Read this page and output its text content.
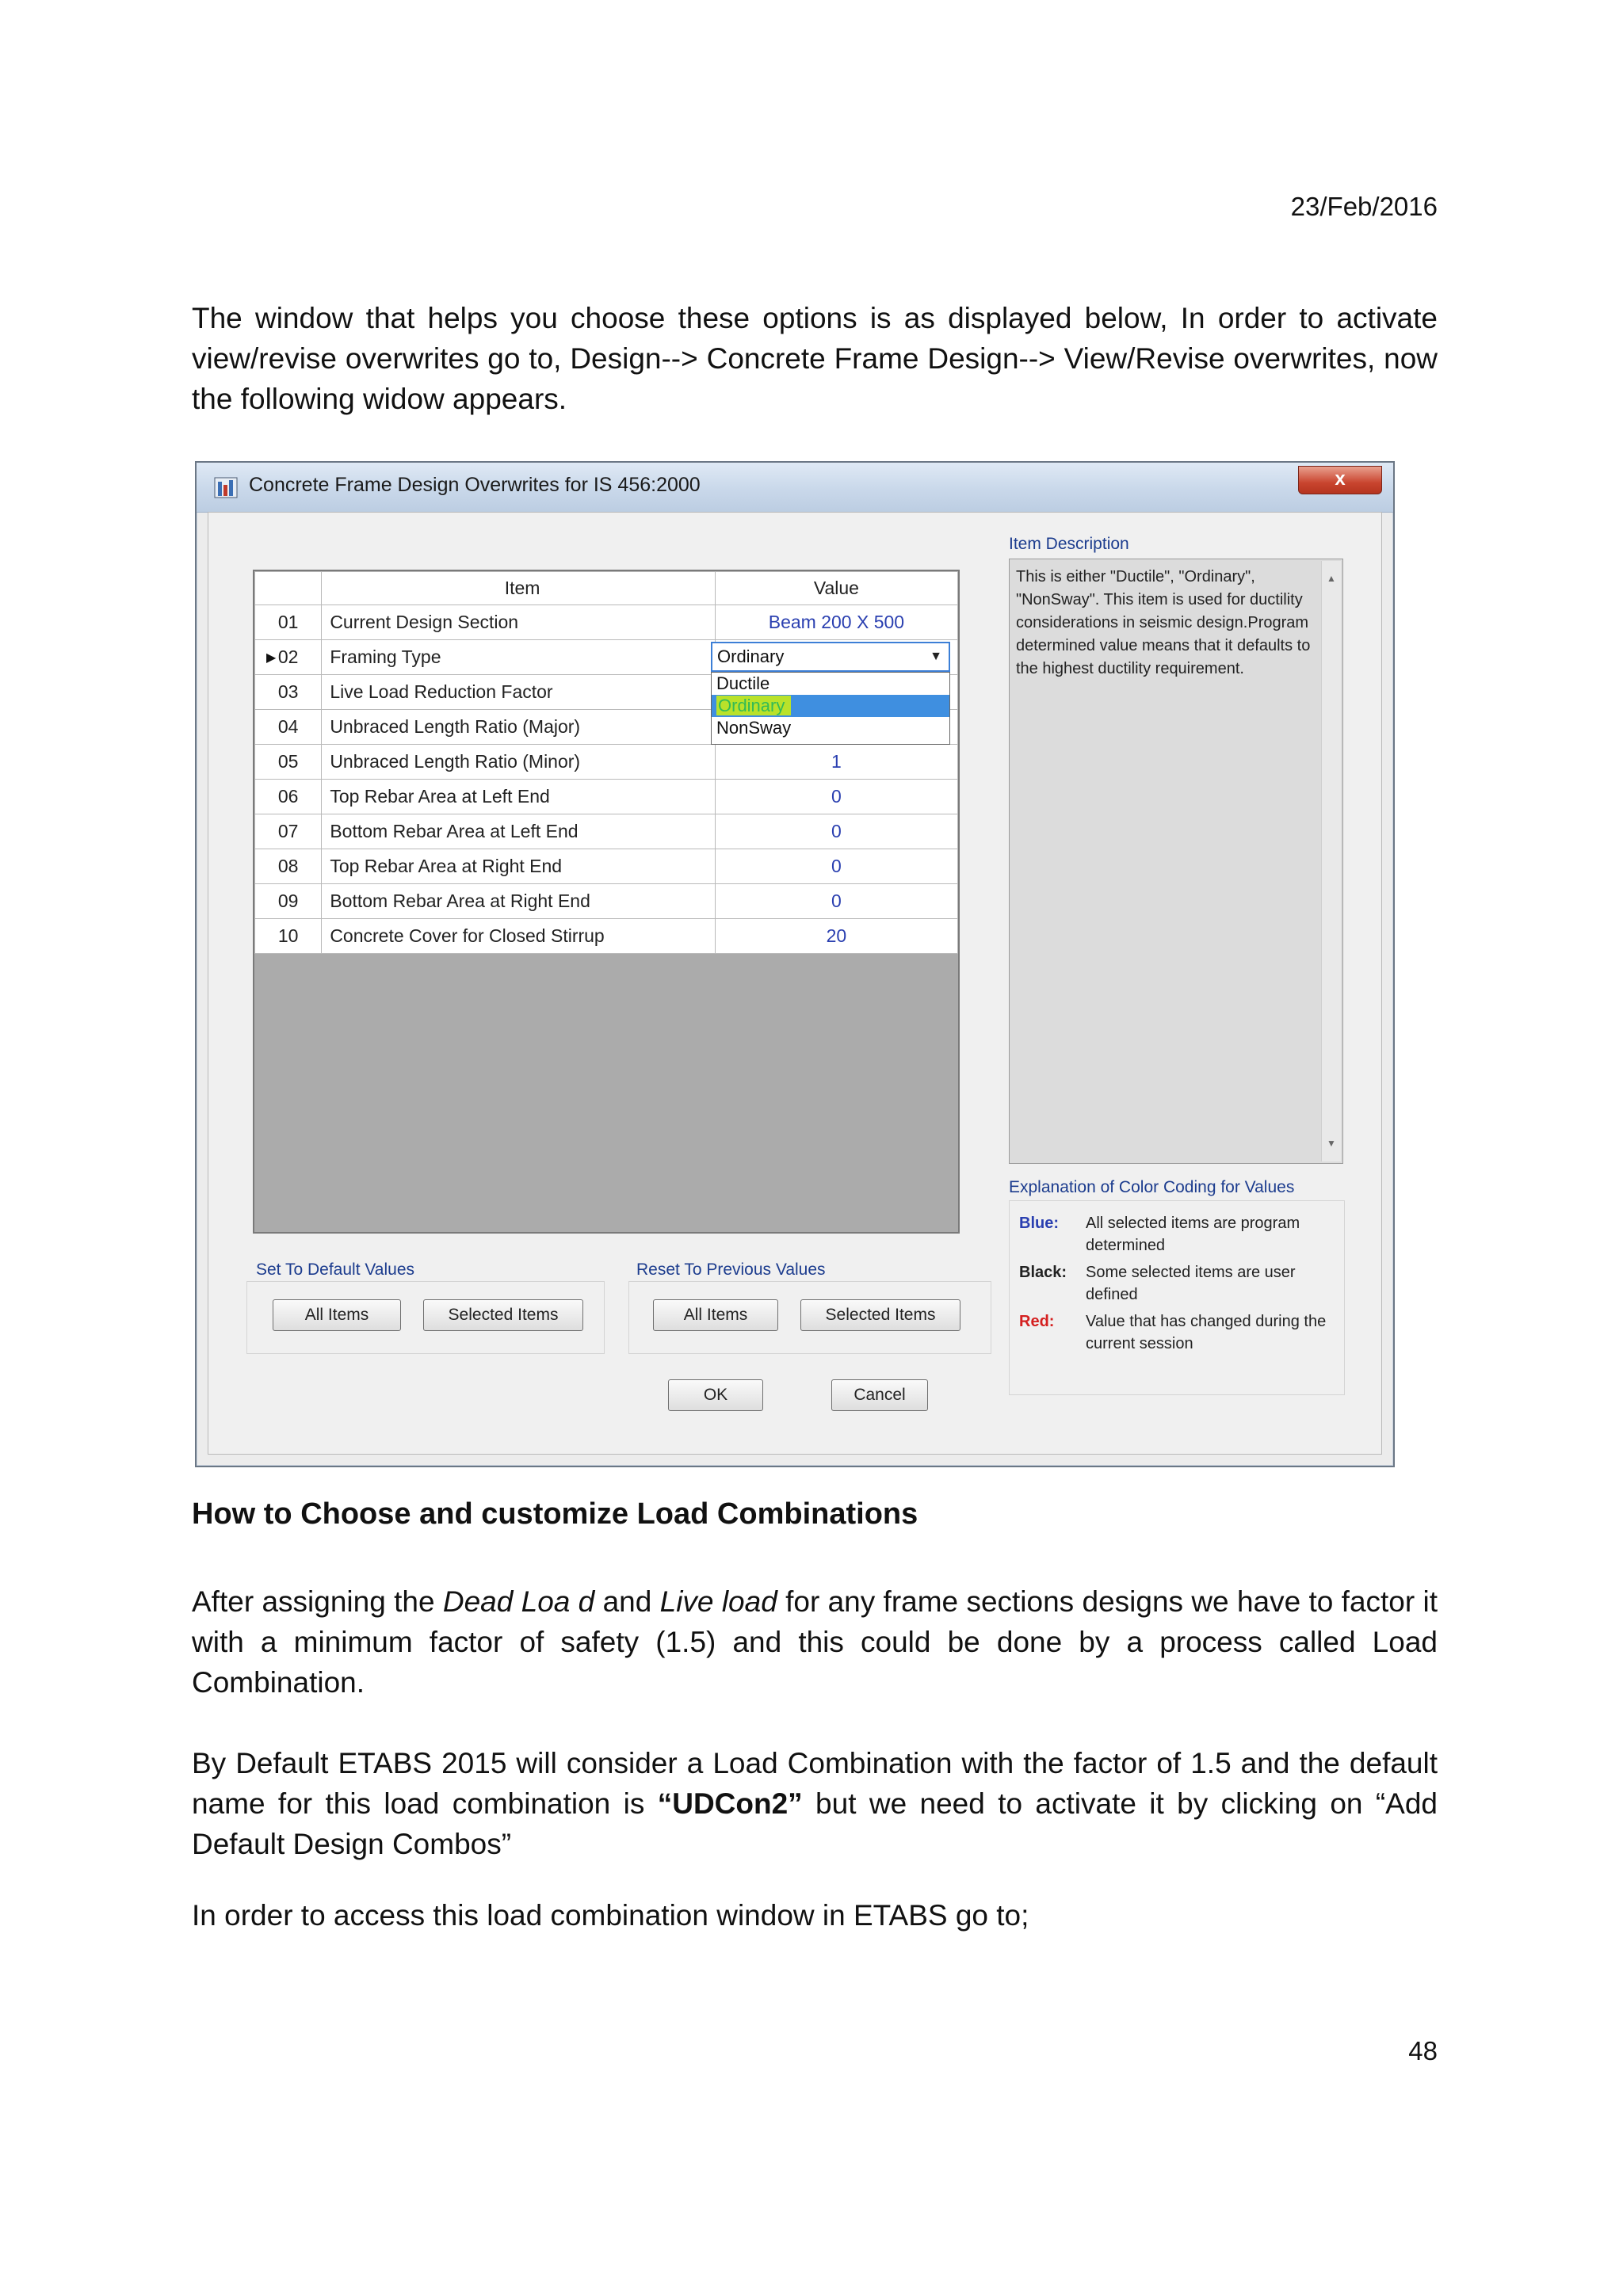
23/Feb/2016
The window that helps you choose these options is as displayed below, In order to activate view/revise overwrites go to, Design--> Concrete Frame Design--> View/Revise overwrites, now the following widow appears.
Concrete Frame Design Overwrites for IS 456:2000	x
	Item	Value
01	Current Design Section	Beam 200 X 500

▶ 02	Framing Type	
03	Live Load Reduction Factor	
04	Unbraced Length Ratio (Major)	
05	Unbraced Length Ratio (Minor)	1
06	Top Rebar Area at Left End	0
07	Bottom Rebar Area at Left End	0
08	Top Rebar Area at Right End	0
09	Bottom Rebar Area at Right End	0
10	Concrete Cover for Closed Stirrup	20
Ordinary	▼
Ductile
Ordinary
NonSway
Item Description
This is either "Ductile", "Ordinary", "NonSway". This item is used for ductility considerations in seismic design.Program determined value means that it defaults to the highest ductility requirement.
▲
▼
Explanation of Color Coding for Values
Blue:	All selected items are program determined
Black:	Some selected items are user defined
Red:	Value that has changed during the current session
Set To Default Values
All Items	Selected Items
Reset To Previous Values
All Items	Selected Items
OK	Cancel
How to Choose and customize Load Combinations
After assigning the Dead Loa d and Live load for any frame sections designs we have to factor it with a minimum factor of safety (1.5) and this could be done by a process called Load Combination.
By Default ETABS 2015 will consider a Load Combination with the factor of 1.5 and the default name for this load combination is “UDCon2” but we need to activate it by clicking on “Add Default Design Combos”
In order to access this load combination window in ETABS go to;
48
